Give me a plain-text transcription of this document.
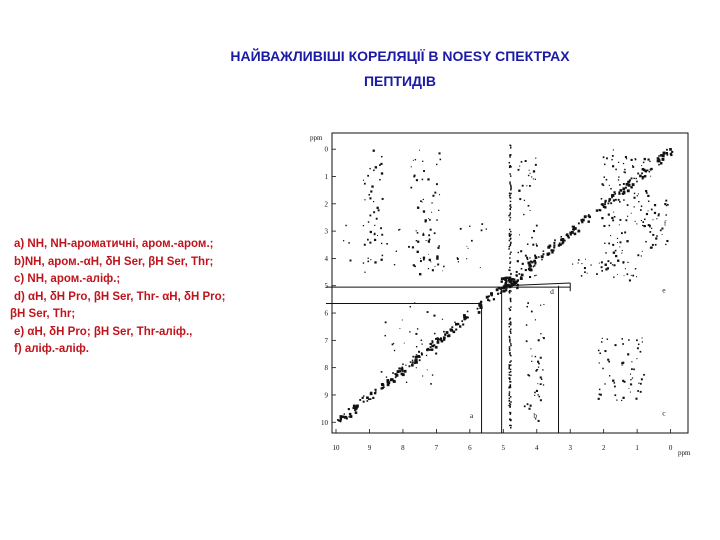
НАЙВАЖЛИВІШІ КОРЕЛЯЦІЇ В NOESY СПЕКТРАХ
ПЕПТИДІВ
a) NH, NH-ароматичні, аром.-аром.;
b)NH, аром.-αH, δH Ser, βH Ser, Thr;
c) NH, аром.-аліф.;
d) αH, δH Pro, βH Ser, Thr- αH, δH Pro;
βH Ser, Thr;
e) αH, δH Pro; βH Ser, Thr-аліф.,
f) аліф.-аліф.
ppm
ppm
0
1
2
3
4
5
6
7
8
9
10
10	9	8	7	6	5	4	3	2	1	0
a	b	c
d	e
f
